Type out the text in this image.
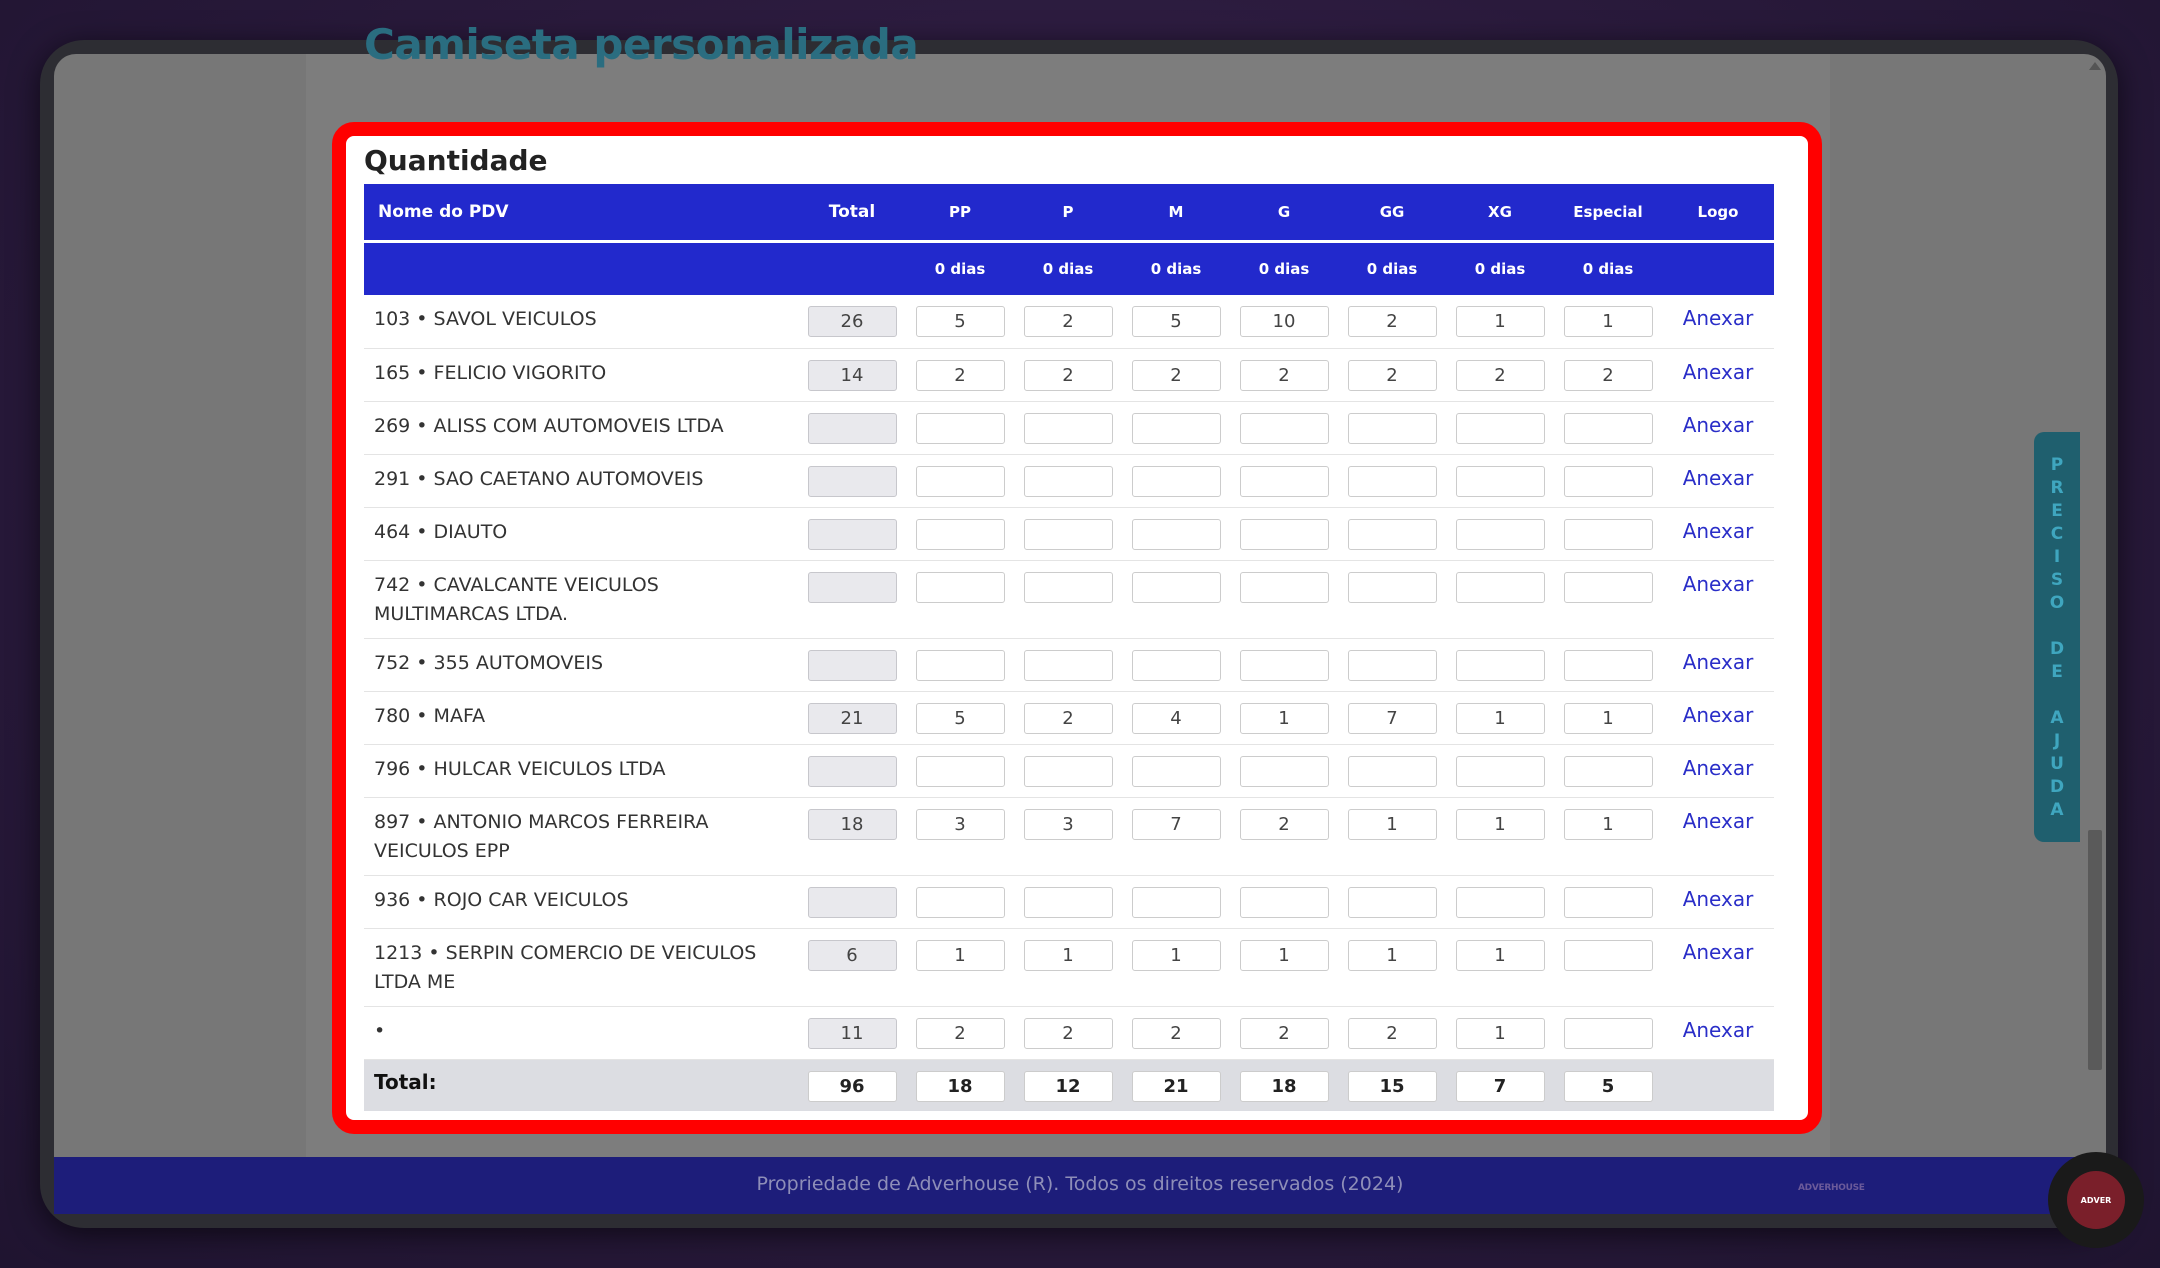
Camiseta personalizada
Propriedade de Adverhouse (R). Todos os direitos reservados (2024)	ADVERHOUSE
P
R
E
C
I
S
O
D
E
A
J
U
D
A
ADVER
Quantidade
Nome do PDV	Total	PP	P	M	G	GG	XG	Especial	Logo
		0 dias	0 dias	0 dias	0 dias	0 dias	0 dias	0 dias	
103 • SAVOL VEICULOS	26	5	2	5	10	2	1	1	Anexar
165 • FELICIO VIGORITO	14	2	2	2	2	2	2	2	Anexar
269 • ALISS COM AUTOMOVEIS LTDA									Anexar
291 • SAO CAETANO AUTOMOVEIS									Anexar
464 • DIAUTO									Anexar
742 • CAVALCANTE VEICULOS MULTIMARCAS LTDA.									Anexar
752 • 355 AUTOMOVEIS									Anexar
780 • MAFA	21	5	2	4	1	7	1	1	Anexar
796 • HULCAR VEICULOS LTDA									Anexar
897 • ANTONIO MARCOS FERREIRA VEICULOS EPP	18	3	3	7	2	1	1	1	Anexar
936 • ROJO CAR VEICULOS									Anexar
1213 • SERPIN COMERCIO DE VEICULOS LTDA ME	6	1	1	1	1	1	1		Anexar
•	11	2	2	2	2	2	1		Anexar
Total:	96	18	12	21	18	15	7	5	
